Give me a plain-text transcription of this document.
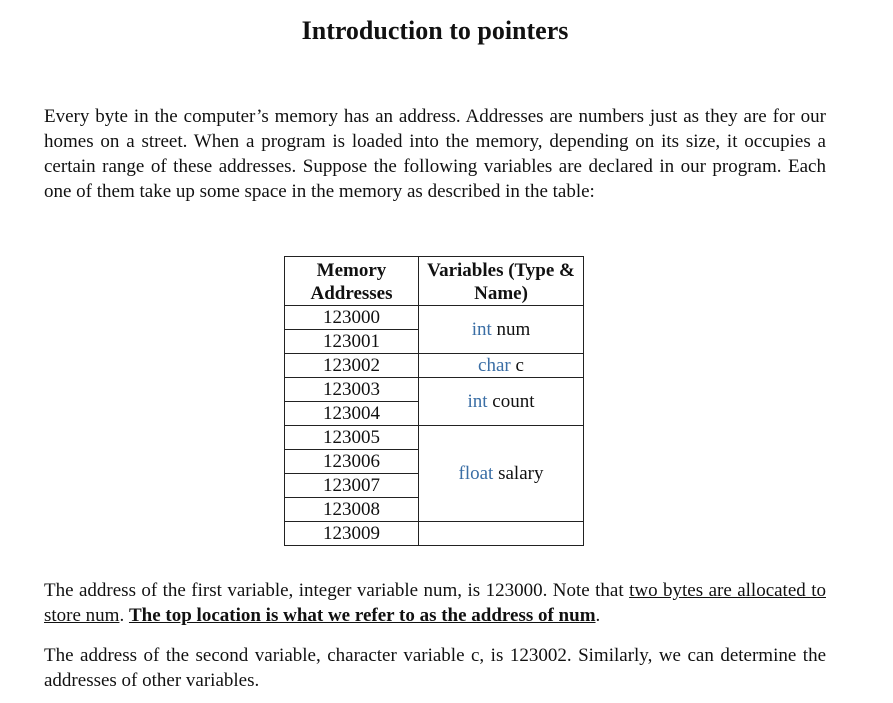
Introduction to pointers

Every byte in the computer’s memory has an address. Addresses are numbers just as they are for our homes on a street. When a program is loaded into the memory, depending on its size, it occupies a certain range of these addresses. Suppose the following variables are declared in our program. Each one of them take up some space in the memory as described in the table:

Memory Addresses	Variables (Type & Name)
123000	int num
123001	
123002	char c
123003	int count
123004	
123005	float salary
123006	
123007	
123008	
123009	

The address of the first variable, integer variable num, is 123000. Note that two bytes are allocated to store num. The top location is what we refer to as the address of num.

The address of the second variable, character variable c, is 123002. Similarly, we can determine the addresses of other variables.
